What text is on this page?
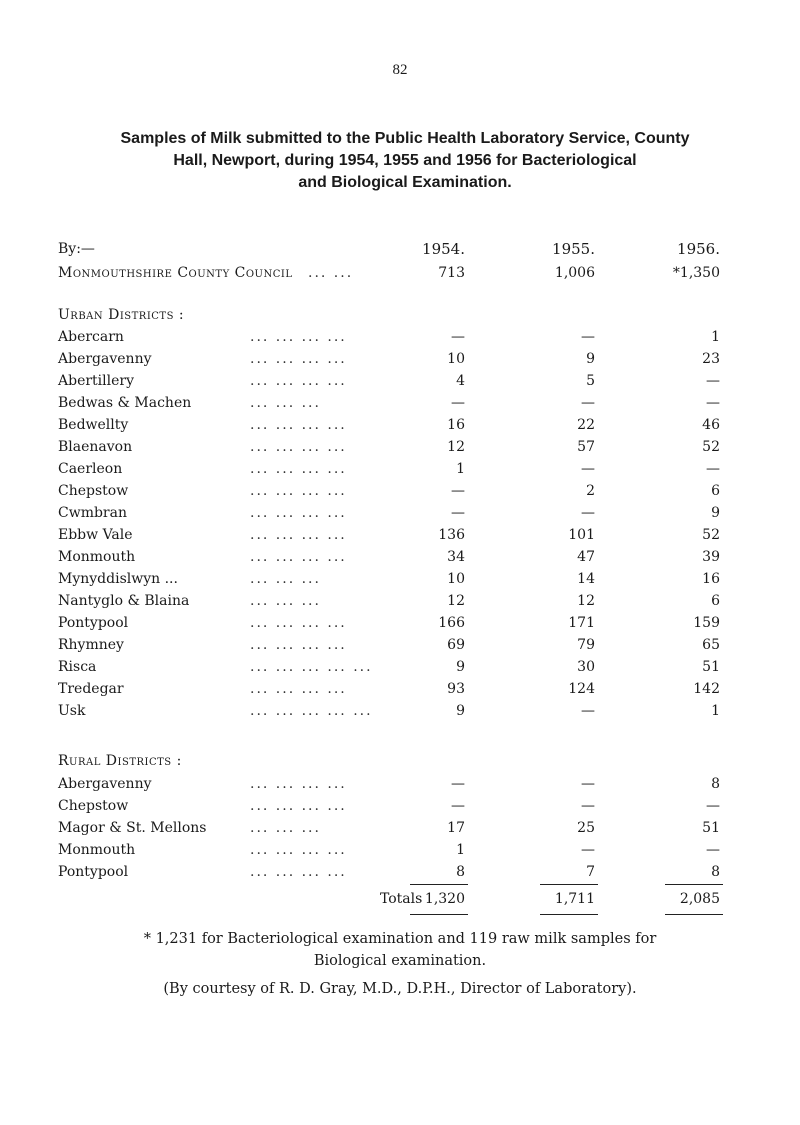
82
Samples of Milk submitted to the Public Health Laboratory Service, County
Hall, Newport, during 1954, 1955 and 1956 for Bacteriological
and Biological Examination.
By:—	1954.	1955.	1956.
Monmouthshire County Council ... ...	713	1,006	*1,350
Urban Districts :
Abercarn	... ... ... ...	—	—	1
Abergavenny	... ... ... ...	10	9	23
Abertillery	... ... ... ...	4	5	—
Bedwas & Machen	... ... ...	—	—	—
Bedwellty	... ... ... ...	16	22	46
Blaenavon	... ... ... ...	12	57	52
Caerleon	... ... ... ...	1	—	—
Chepstow	... ... ... ...	—	2	6
Cwmbran	... ... ... ...	—	—	9
Ebbw Vale	... ... ... ...	136	101	52
Monmouth	... ... ... ...	34	47	39
Mynyddislwyn ...	... ... ...	10	14	16
Nantyglo & Blaina	... ... ...	12	12	6
Pontypool	... ... ... ...	166	171	159
Rhymney	... ... ... ...	69	79	65
Risca	... ... ... ... ...	9	30	51
Tredegar	... ... ... ...	93	124	142
Usk	... ... ... ... ...	9	—	1
Rural Districts :
Abergavenny	... ... ... ...	—	—	8
Chepstow	... ... ... ...	—	—	—
Magor & St. Mellons	... ... ...	17	25	51
Monmouth	... ... ... ...	1	—	—
Pontypool	... ... ... ...	8	7	8
Totals 1,320	1,711	2,085
* 1,231 for Bacteriological examination and 119 raw milk samples for
Biological examination.
(By courtesy of R. D. Gray, M.D., D.P.H., Director of Laboratory).
